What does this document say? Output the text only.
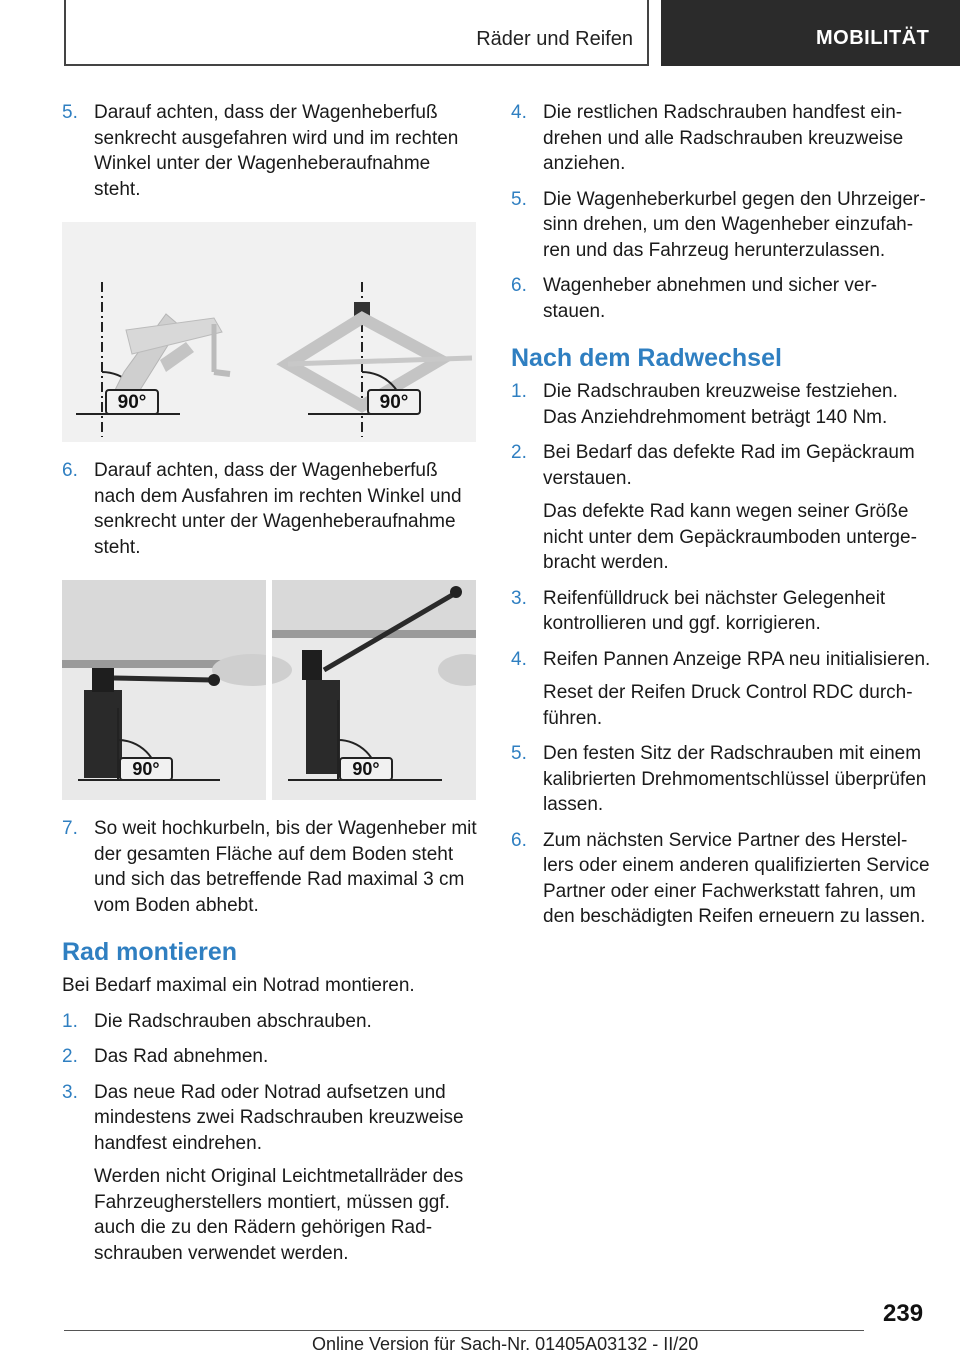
Räder und Reifen	MOBILITÄT
5. Darauf achten, dass der Wagenheberfuß senkrecht ausgefahren wird und im rechten Winkel unter der Wagenheberaufnahme steht.
90°	90°
6. Darauf achten, dass der Wagenheberfuß nach dem Ausfahren im rechten Winkel und senkrecht unter der Wagenheberaufnahme steht.
90°	90°
7. So weit hochkurbeln, bis der Wagenheber mit der gesamten Fläche auf dem Boden steht und sich das betreffende Rad maximal 3 cm vom Boden abhebt.
Rad montieren
Bei Bedarf maximal ein Notrad montieren.
1. Die Radschrauben abschrauben.
2. Das Rad abnehmen.
3. Das neue Rad oder Notrad aufsetzen und mindestens zwei Radschrauben kreuzweise handfest eindrehen.
Werden nicht Original Leichtmetallräder des Fahrzeugherstellers montiert, müssen ggf. auch die zu den Rädern gehörigen Radschrauben verwendet werden.
4. Die restlichen Radschrauben handfest eindrehen und alle Radschrauben kreuzweise anziehen.
5. Die Wagenheberkurbel gegen den Uhrzeigersinn drehen, um den Wagenheber einzufahren und das Fahrzeug herunterzulassen.
6. Wagenheber abnehmen und sicher verstauen.
Nach dem Radwechsel
1. Die Radschrauben kreuzweise festziehen. Das Anziehdrehmoment beträgt 140 Nm.
2. Bei Bedarf das defekte Rad im Gepäckraum verstauen.
Das defekte Rad kann wegen seiner Größe nicht unter dem Gepäckraumboden untergebracht werden.
3. Reifenfülldruck bei nächster Gelegenheit kontrollieren und ggf. korrigieren.
4. Reifen Pannen Anzeige RPA neu initialisieren.
Reset der Reifen Druck Control RDC durchführen.
5. Den festen Sitz der Radschrauben mit einem kalibrierten Drehmomentschlüssel überprüfen lassen.
6. Zum nächsten Service Partner des Herstellers oder einem anderen qualifizierten Service Partner oder einer Fachwerkstatt fahren, um den beschädigten Reifen erneuern zu lassen.
239
Online Version für Sach-Nr. 01405A03132 - II/20
